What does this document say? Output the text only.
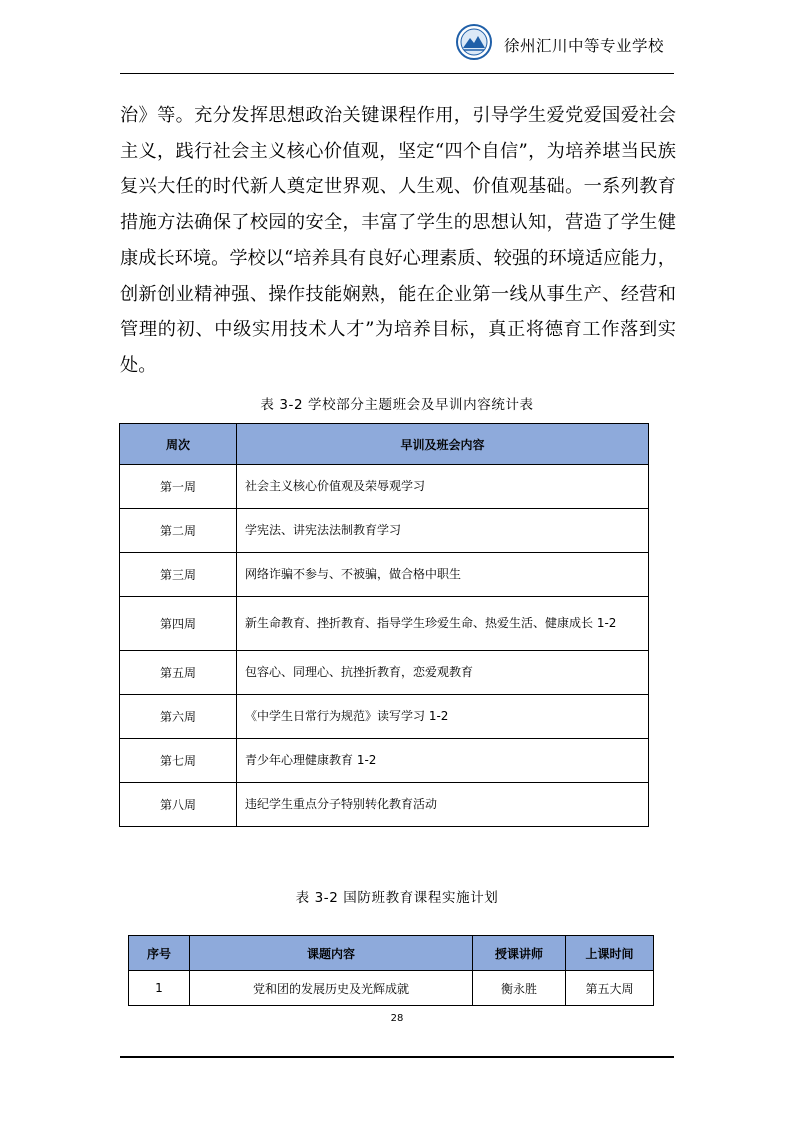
徐州汇川中等专业学校
治》等。充分发挥思想政治关键课程作用，引导学生爱党爱国爱社会主义，践行社会主义核心价值观，坚定“四个自信”，为培养堪当民族复兴大任的时代新人奠定世界观、人生观、价值观基础。一系列教育措施方法确保了校园的安全，丰富了学生的思想认知，营造了学生健康成长环境。学校以“培养具有良好心理素质、较强的环境适应能力，创新创业精神强、操作技能娴熟，能在企业第一线从事生产、经营和管理的初、中级实用技术人才”为培养目标，真正将德育工作落到实处。
表 3-2 学校部分主题班会及早训内容统计表
周次	早训及班会内容
第一周	社会主义核心价值观及荣辱观学习
第二周	学宪法、讲宪法法制教育学习
第三周	网络诈骗不参与、不被骗，做合格中职生
第四周	新生命教育、挫折教育、指导学生珍爱生命、热爱生活、健康成长 1-2
第五周	包容心、同理心、抗挫折教育，恋爱观教育
第六周	《中学生日常行为规范》读写学习 1-2
第七周	青少年心理健康教育 1-2
第八周	违纪学生重点分子特别转化教育活动
表 3-2 国防班教育课程实施计划
序号	课题内容	授课讲师	上课时间
1	党和团的发展历史及光辉成就	衡永胜	第五大周
28
